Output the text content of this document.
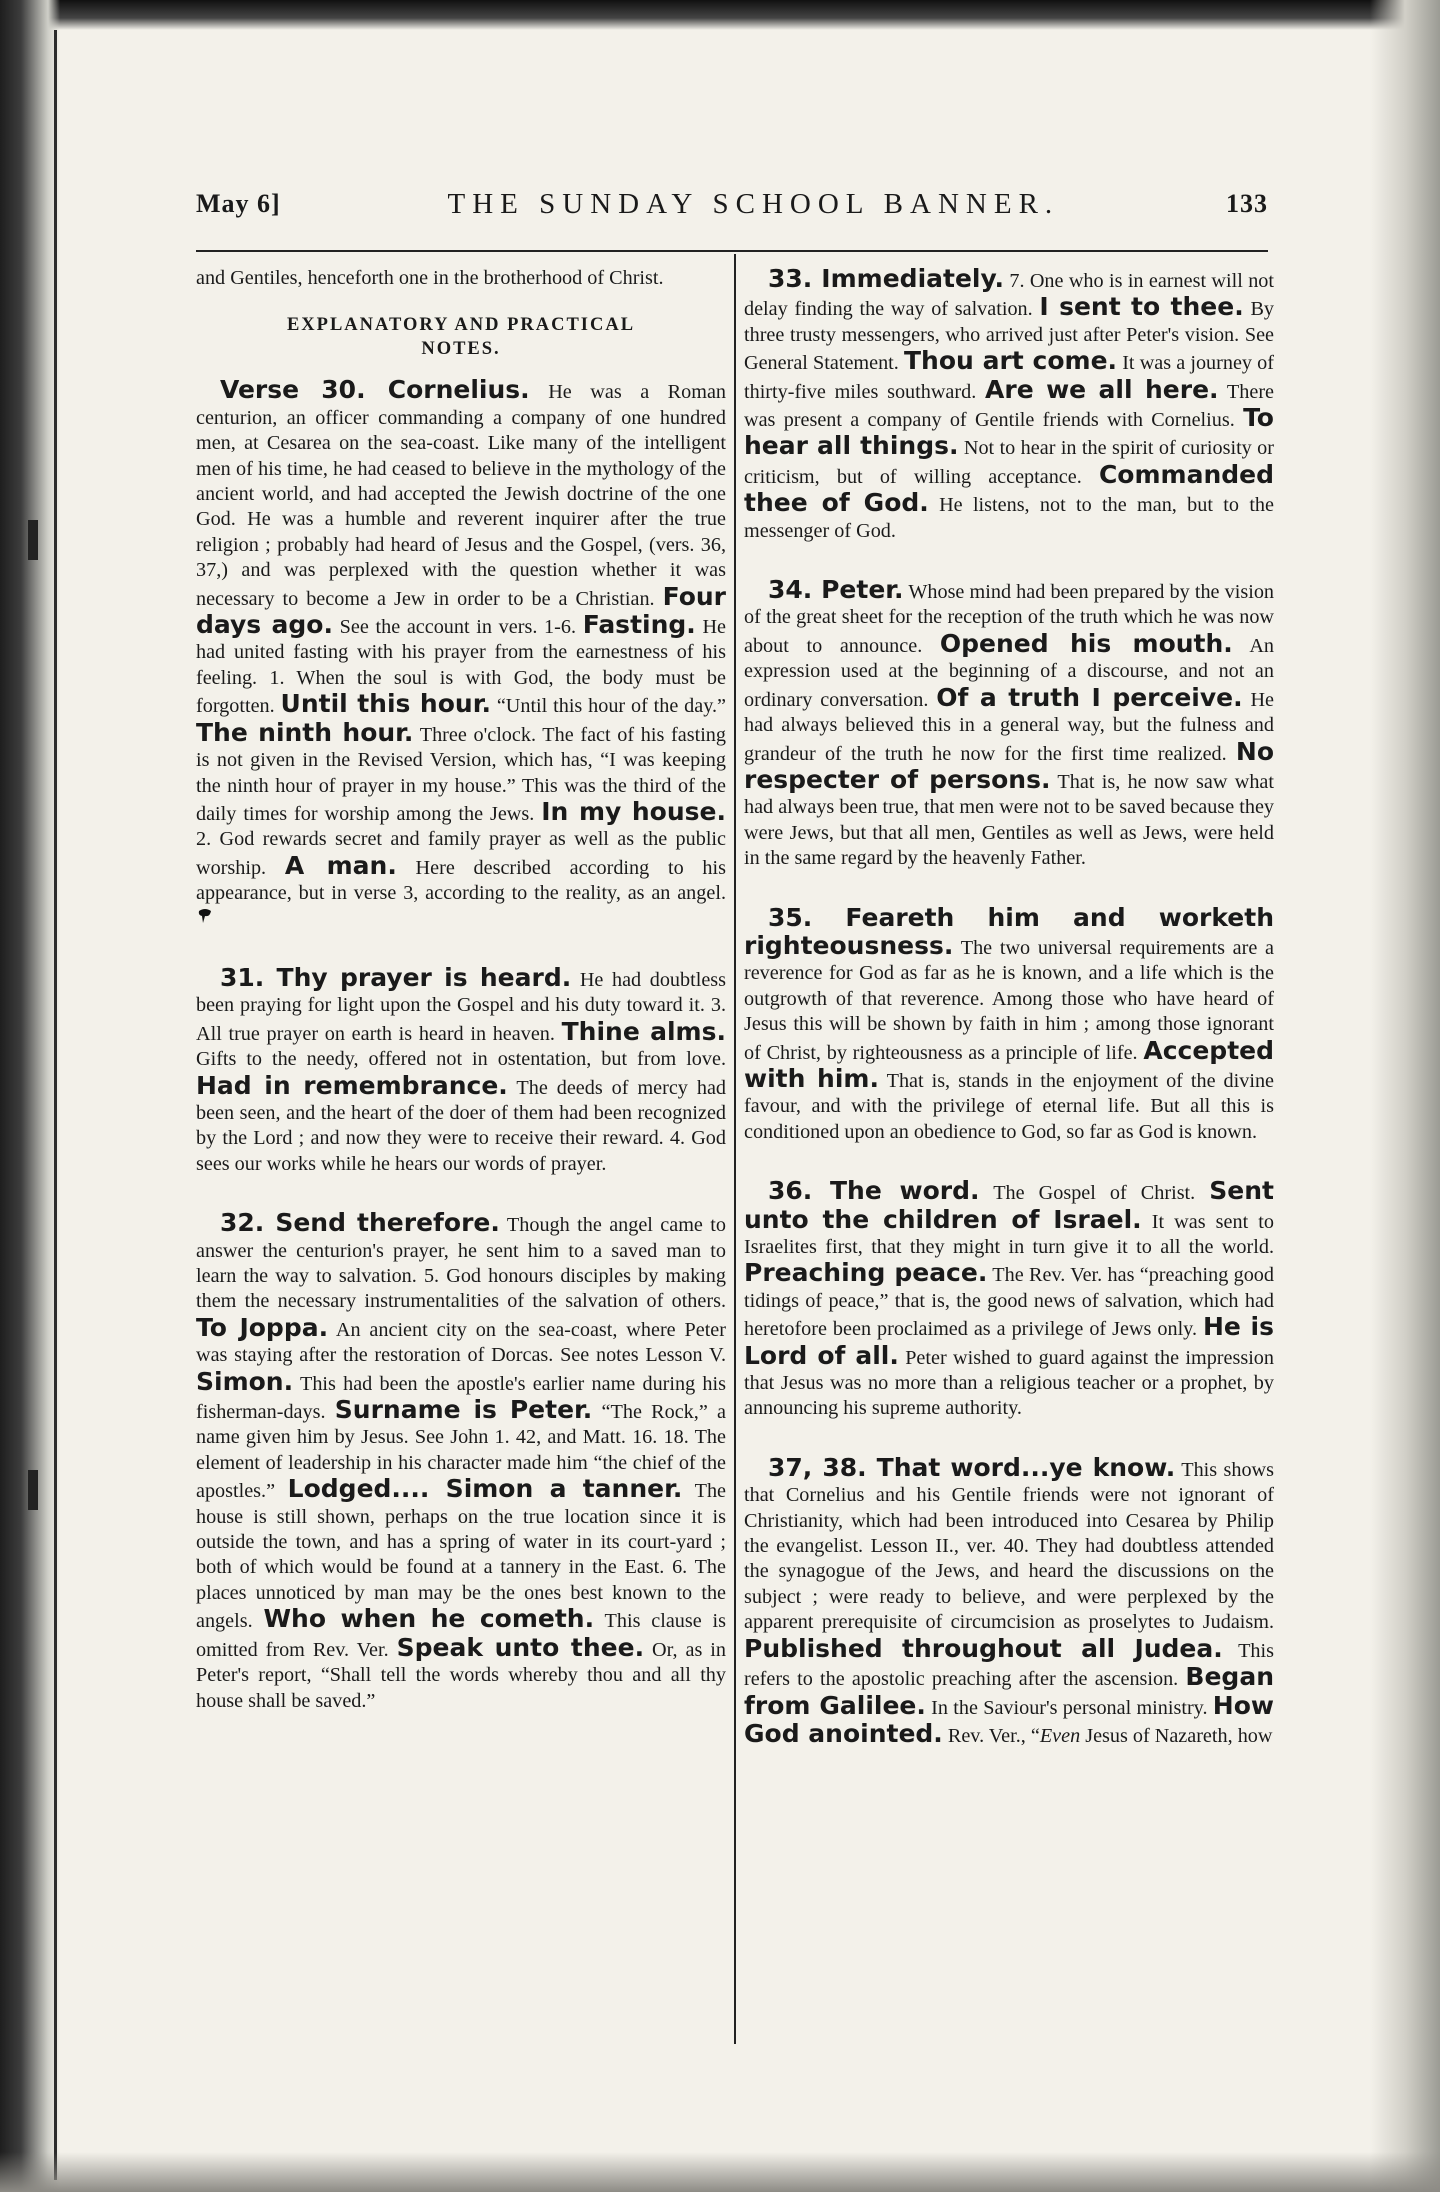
May 6]	THE SUNDAY SCHOOL BANNER.	133

and Gentiles, henceforth one in the brotherhood of Christ.

EXPLANATORY AND PRACTICAL
NOTES.

Verse 30. Cornelius. He was a Roman centurion, an officer commanding a company of one hundred men, at Cesarea on the sea-coast. Like many of the intelligent men of his time, he had ceased to believe in the mythology of the ancient world, and had accepted the Jewish doctrine of the one God. He was a humble and reverent inquirer after the true religion ; probably had heard of Jesus and the Gospel, (vers. 36, 37,) and was perplexed with the question whether it was necessary to become a Jew in order to be a Christian. Four days ago. See the account in vers. 1-6. Fasting. He had united fasting with his prayer from the earnestness of his feeling. 1. When the soul is with God, the body must be forgotten. Until this hour. “Until this hour of the day.” The ninth hour. Three o'clock. The fact of his fasting is not given in the Revised Version, which has, “I was keeping the ninth hour of prayer in my house.” This was the third of the daily times for worship among the Jews. In my house. 2. God rewards secret and family prayer as well as the public worship. A man. Here described according to his appearance, but in verse 3, according to the reality, as an angel.

31. Thy prayer is heard. He had doubtless been praying for light upon the Gospel and his duty toward it. 3. All true prayer on earth is heard in heaven. Thine alms. Gifts to the needy, offered not in ostentation, but from love. Had in remembrance. The deeds of mercy had been seen, and the heart of the doer of them had been recognized by the Lord ; and now they were to receive their reward. 4. God sees our works while he hears our words of prayer.

32. Send therefore. Though the angel came to answer the centurion's prayer, he sent him to a saved man to learn the way to salvation. 5. God honours disciples by making them the necessary instrumentalities of the salvation of others. To Joppa. An ancient city on the sea-coast, where Peter was staying after the restoration of Dorcas. See notes Lesson V. Simon. This had been the apostle's earlier name during his fisherman-days. Surname is Peter. “The Rock,” a name given him by Jesus. See John 1. 42, and Matt. 16. 18. The element of leadership in his character made him “the chief of the apostles.” Lodged.... Simon a tanner. The house is still shown, perhaps on the true location since it is outside the town, and has a spring of water in its court-yard ; both of which would be found at a tannery in the East. 6. The places unnoticed by man may be the ones best known to the angels. Who when he cometh. This clause is omitted from Rev. Ver. Speak unto thee. Or, as in Peter's report, “Shall tell the words whereby thou and all thy house shall be saved.”

33. Immediately. 7. One who is in earnest will not delay finding the way of salvation. I sent to thee. By three trusty messengers, who arrived just after Peter's vision. See General Statement. Thou art come. It was a journey of thirty-five miles southward. Are we all here. There was present a company of Gentile friends with Cornelius. To hear all things. Not to hear in the spirit of curiosity or criticism, but of willing acceptance. Commanded thee of God. He listens, not to the man, but to the messenger of God.

34. Peter. Whose mind had been prepared by the vision of the great sheet for the reception of the truth which he was now about to announce. Opened his mouth. An expression used at the beginning of a discourse, and not an ordinary conversation. Of a truth I perceive. He had always believed this in a general way, but the fulness and grandeur of the truth he now for the first time realized. No respecter of persons. That is, he now saw what had always been true, that men were not to be saved because they were Jews, but that all men, Gentiles as well as Jews, were held in the same regard by the heavenly Father.

35. Feareth him and worketh righteousness. The two universal requirements are a reverence for God as far as he is known, and a life which is the outgrowth of that reverence. Among those who have heard of Jesus this will be shown by faith in him ; among those ignorant of Christ, by righteousness as a principle of life. Accepted with him. That is, stands in the enjoyment of the divine favour, and with the privilege of eternal life. But all this is conditioned upon an obedience to God, so far as God is known.

36. The word. The Gospel of Christ. Sent unto the children of Israel. It was sent to Israelites first, that they might in turn give it to all the world. Preaching peace. The Rev. Ver. has “preaching good tidings of peace,” that is, the good news of salvation, which had heretofore been proclaimed as a privilege of Jews only. He is Lord of all. Peter wished to guard against the impression that Jesus was no more than a religious teacher or a prophet, by announcing his supreme authority.

37, 38. That word...ye know. This shows that Cornelius and his Gentile friends were not ignorant of Christianity, which had been introduced into Cesarea by Philip the evangelist. Lesson II., ver. 40. They had doubtless attended the synagogue of the Jews, and heard the discussions on the subject ; were ready to believe, and were perplexed by the apparent prerequisite of circumcision as proselytes to Judaism. Published throughout all Judea. This refers to the apostolic preaching after the ascension. Began from Galilee. In the Saviour's personal ministry. How God anointed. Rev. Ver., “Even Jesus of Nazareth, how
